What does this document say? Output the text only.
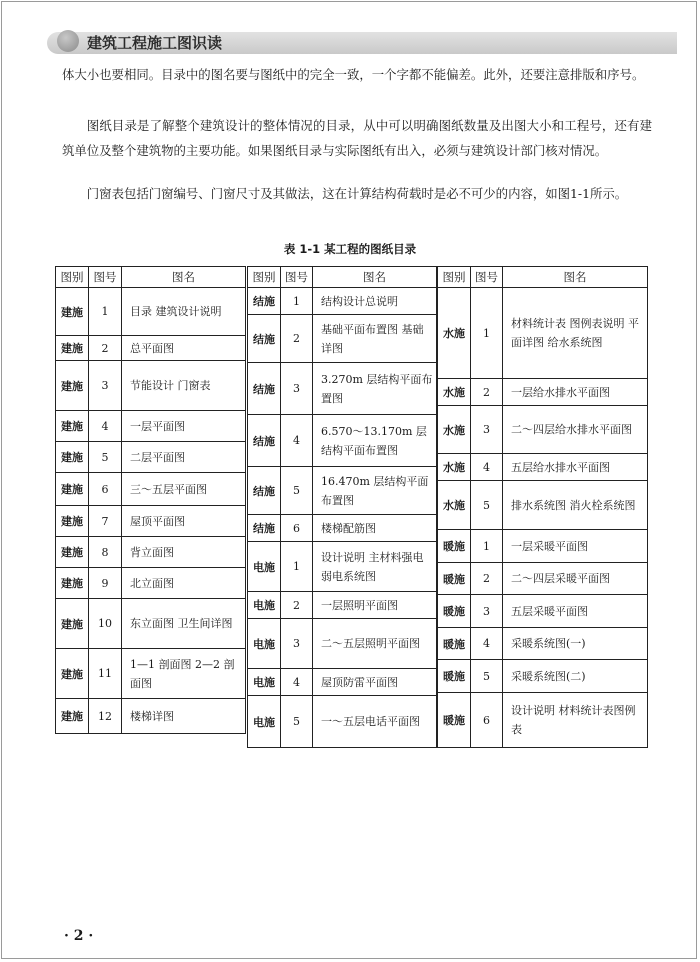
建筑工程施工图识读

体大小也要相同。目录中的图名要与图纸中的完全一致，一个字都不能偏差。此外，还要注意排版和序号。

图纸目录是了解整个建筑设计的整体情况的目录，从中可以明确图纸数量及出图大小和工程号，还有建筑单位及整个建筑物的主要功能。如果图纸目录与实际图纸有出入，必须与建筑设计部门核对情况。

门窗表包括门窗编号、门窗尺寸及其做法，这在计算结构荷载时是必不可少的内容，如图1-1所示。

表 1-1 某工程的图纸目录
图别	图号	图名
建施	1	目录 建筑设计说明
建施	2	总平面图
建施	3	节能设计 门窗表
建施	4	一层平面图
建施	5	二层平面图
建施	6	三～五层平面图
建施	7	屋顶平面图
建施	8	背立面图
建施	9	北立面图
建施	10	东立面图 卫生间详图
建施	11	1—1 剖面图 2—2 剖面图
建施	12	楼梯详图
图别	图号	图名
结施	1	结构设计总说明
结施	2	基础平面布置图 基础详图
结施	3	3.270m 层结构平面布置图
结施	4	6.570～13.170m 层结构平面布置图
结施	5	16.470m 层结构平面布置图
结施	6	楼梯配筋图
电施	1	设计说明 主材料强电弱电系统图
电施	2	一层照明平面图
电施	3	二～五层照明平面图
电施	4	屋顶防雷平面图
电施	5	一～五层电话平面图
图别	图号	图名
水施	1	材料统计表 图例表说明 平面详图 给水系统图
水施	2	一层给水排水平面图
水施	3	二～四层给水排水平面图
水施	4	五层给水排水平面图
水施	5	排水系统图 消火栓系统图
暖施	1	一层采暖平面图
暖施	2	二～四层采暖平面图
暖施	3	五层采暖平面图
暖施	4	采暖系统图(一)
暖施	5	采暖系统图(二)
暖施	6	设计说明 材料统计表图例表
· 2 ·
